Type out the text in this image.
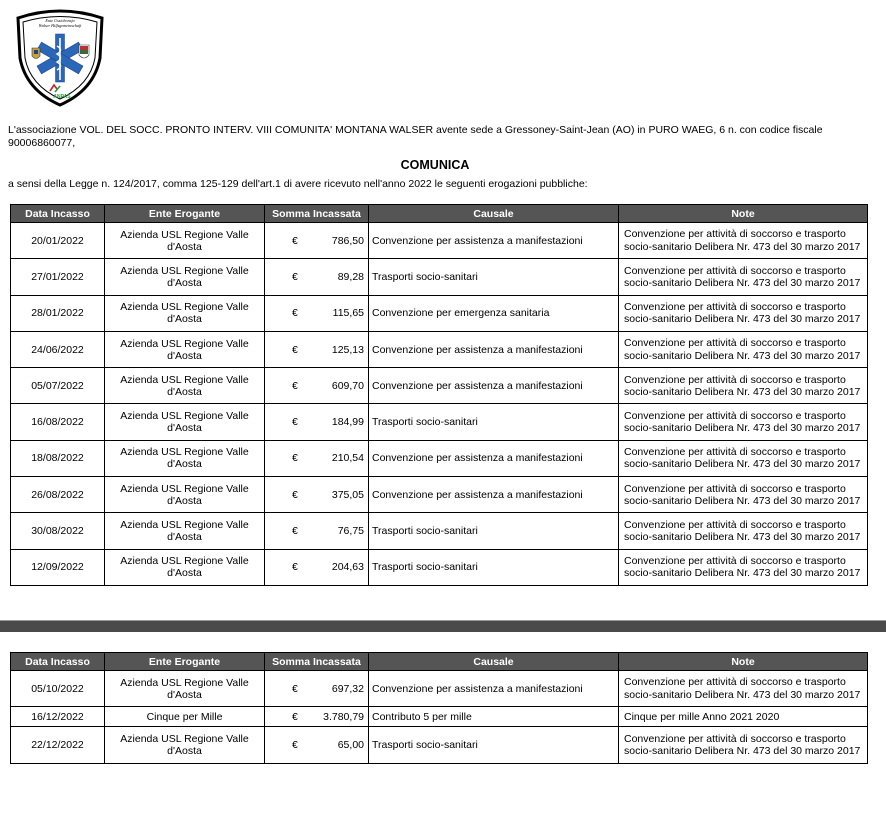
Ente Ussichoraja
Walser Hilfsgemeinschaft
ANPAS
L'associazione VOL. DEL SOCC. PRONTO INTERV. VIII COMUNITA' MONTANA WALSER avente sede a Gressoney-Saint-Jean (AO) in PURO WAEG, 6 n. con codice fiscale 90006860077,
COMUNICA
a sensi della Legge n. 124/2017, comma 125-129 dell'art.1 di avere ricevuto nell'anno 2022 le seguenti erogazioni pubbliche:
Data Incasso	Ente Erogante	Somma Incassata	Causale	Note
20/01/2022	Azienda USL Regione Valle d'Aosta	€ 786,50	Convenzione per assistenza a manifestazioni	Convenzione per attività di soccorso e trasporto socio-sanitario Delibera Nr. 473 del 30 marzo 2017
27/01/2022	Azienda USL Regione Valle d'Aosta	€ 89,28	Trasporti socio-sanitari	Convenzione per attività di soccorso e trasporto socio-sanitario Delibera Nr. 473 del 30 marzo 2017
28/01/2022	Azienda USL Regione Valle d'Aosta	€ 115,65	Convenzione per emergenza sanitaria	Convenzione per attività di soccorso e trasporto socio-sanitario Delibera Nr. 473 del 30 marzo 2017
24/06/2022	Azienda USL Regione Valle d'Aosta	€ 125,13	Convenzione per assistenza a manifestazioni	Convenzione per attività di soccorso e trasporto socio-sanitario Delibera Nr. 473 del 30 marzo 2017
05/07/2022	Azienda USL Regione Valle d'Aosta	€ 609,70	Convenzione per assistenza a manifestazioni	Convenzione per attività di soccorso e trasporto socio-sanitario Delibera Nr. 473 del 30 marzo 2017
16/08/2022	Azienda USL Regione Valle d'Aosta	€ 184,99	Trasporti socio-sanitari	Convenzione per attività di soccorso e trasporto socio-sanitario Delibera Nr. 473 del 30 marzo 2017
18/08/2022	Azienda USL Regione Valle d'Aosta	€ 210,54	Convenzione per assistenza a manifestazioni	Convenzione per attività di soccorso e trasporto socio-sanitario Delibera Nr. 473 del 30 marzo 2017
26/08/2022	Azienda USL Regione Valle d'Aosta	€ 375,05	Convenzione per assistenza a manifestazioni	Convenzione per attività di soccorso e trasporto socio-sanitario Delibera Nr. 473 del 30 marzo 2017
30/08/2022	Azienda USL Regione Valle d'Aosta	€ 76,75	Trasporti socio-sanitari	Convenzione per attività di soccorso e trasporto socio-sanitario Delibera Nr. 473 del 30 marzo 2017
12/09/2022	Azienda USL Regione Valle d'Aosta	€ 204,63	Trasporti socio-sanitari	Convenzione per attività di soccorso e trasporto socio-sanitario Delibera Nr. 473 del 30 marzo 2017
Data Incasso	Ente Erogante	Somma Incassata	Causale	Note
05/10/2022	Azienda USL Regione Valle d'Aosta	€ 697,32	Convenzione per assistenza a manifestazioni	Convenzione per attività di soccorso e trasporto socio-sanitario Delibera Nr. 473 del 30 marzo 2017
16/12/2022	Cinque per Mille	€ 3.780,79	Contributo 5 per mille	Cinque per mille Anno 2021 2020
22/12/2022	Azienda USL Regione Valle d'Aosta	€ 65,00	Trasporti socio-sanitari	Convenzione per attività di soccorso e trasporto socio-sanitario Delibera Nr. 473 del 30 marzo 2017
